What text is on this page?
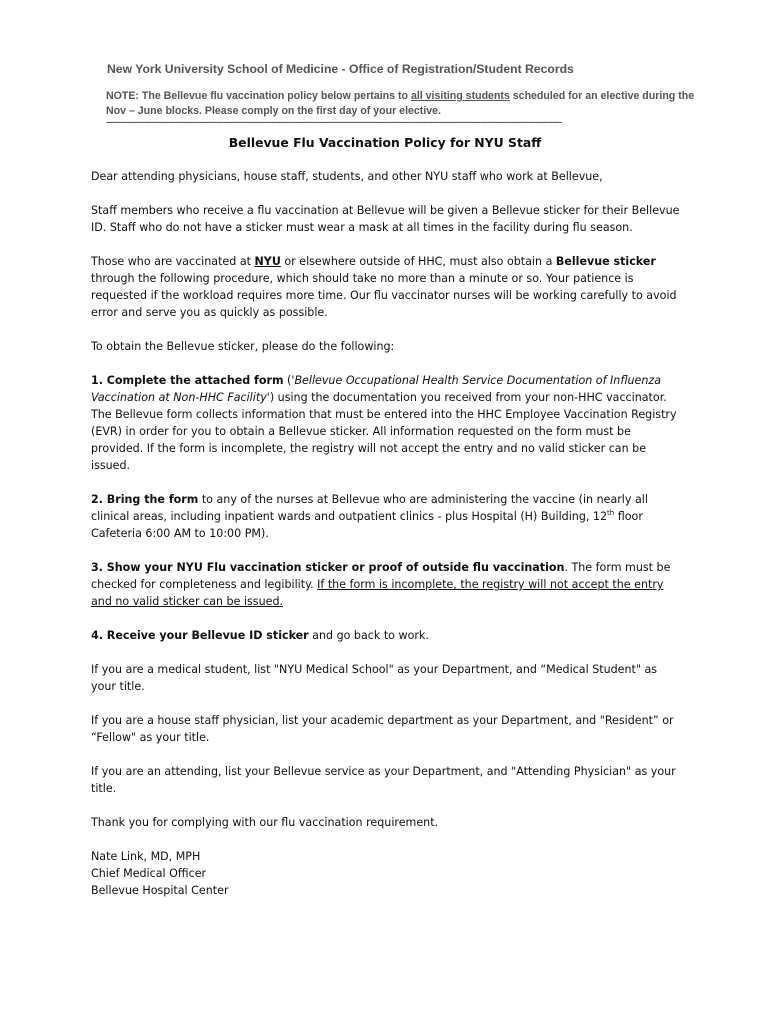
New York University School of Medicine - Office of Registration/Student Records
NOTE: The Bellevue flu vaccination policy below pertains to all visiting students scheduled for an elective during the Nov – June blocks. Please comply on the first day of your elective.
----------------------------------------------------------------------------------------------------------------------------------------------------------------------------------------------
Bellevue Flu Vaccination Policy for NYU Staff

Dear attending physicians, house staff, students, and other NYU staff who work at Bellevue,

Staff members who receive a flu vaccination at Bellevue will be given a Bellevue sticker for their Bellevue ID. Staff who do not have a sticker must wear a mask at all times in the facility during flu season.

Those who are vaccinated at NYU or elsewhere outside of HHC, must also obtain a Bellevue sticker through the following procedure, which should take no more than a minute or so. Your patience is requested if the workload requires more time. Our flu vaccinator nurses will be working carefully to avoid error and serve you as quickly as possible.

To obtain the Bellevue sticker, please do the following:

1. Complete the attached form ('Bellevue Occupational Health Service Documentation of Influenza Vaccination at Non-HHC Facility') using the documentation you received from your non-HHC vaccinator. The Bellevue form collects information that must be entered into the HHC Employee Vaccination Registry (EVR) in order for you to obtain a Bellevue sticker. All information requested on the form must be provided. If the form is incomplete, the registry will not accept the entry and no valid sticker can be issued.

2. Bring the form to any of the nurses at Bellevue who are administering the vaccine (in nearly all clinical areas, including inpatient wards and outpatient clinics - plus Hospital (H) Building, 12th floor Cafeteria 6:00 AM to 10:00 PM).

3. Show your NYU Flu vaccination sticker or proof of outside flu vaccination. The form must be checked for completeness and legibility. If the form is incomplete, the registry will not accept the entry and no valid sticker can be issued.

4. Receive your Bellevue ID sticker and go back to work.

If you are a medical student, list "NYU Medical School" as your Department, and “Medical Student" as your title.

If you are a house staff physician, list your academic department as your Department, and "Resident” or “Fellow" as your title.

If you are an attending, list your Bellevue service as your Department, and "Attending Physician" as your title.

Thank you for complying with our flu vaccination requirement.

Nate Link, MD, MPH

Chief Medical Officer

Bellevue Hospital Center
